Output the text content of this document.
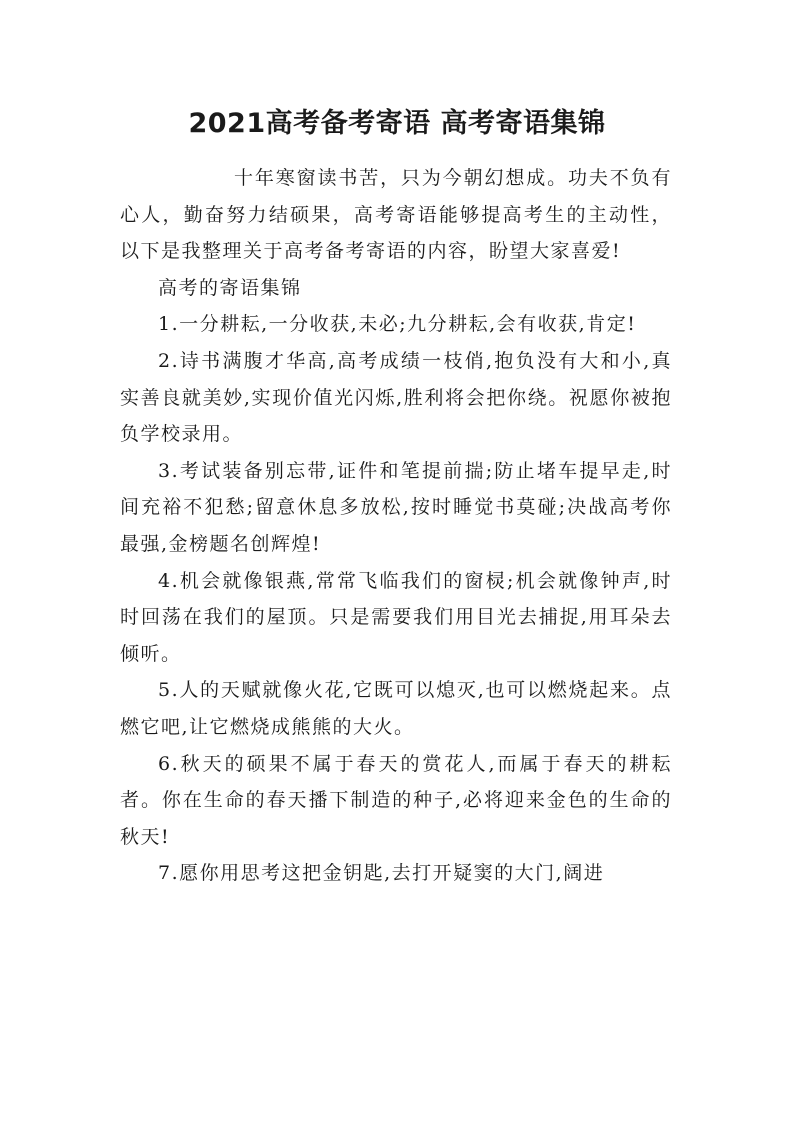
2021高考备考寄语 高考寄语集锦

十年寒窗读书苦，只为今朝幻想成。功夫不负有心人，勤奋努力结硕果，高考寄语能够提高考生的主动性，以下是我整理关于高考备考寄语的内容，盼望大家喜爱!

高考的寄语集锦

1.一分耕耘,一分收获,未必;九分耕耘,会有收获,肯定!

2.诗书满腹才华高,高考成绩一枝俏,抱负没有大和小,真实善良就美妙,实现价值光闪烁,胜利将会把你绕。祝愿你被抱负学校录用。

3.考试装备别忘带,证件和笔提前揣;防止堵车提早走,时间充裕不犯愁;留意休息多放松,按时睡觉书莫碰;决战高考你最强,金榜题名创辉煌!

4.机会就像银燕,常常飞临我们的窗棂;机会就像钟声,时时回荡在我们的屋顶。只是需要我们用目光去捕捉,用耳朵去倾听。

5.人的天赋就像火花,它既可以熄灭,也可以燃烧起来。点燃它吧,让它燃烧成熊熊的大火。

6.秋天的硕果不属于春天的赏花人,而属于春天的耕耘者。你在生命的春天播下制造的种子,必将迎来金色的生命的秋天!

7.愿你用思考这把金钥匙,去打开疑窦的大门,阔进
